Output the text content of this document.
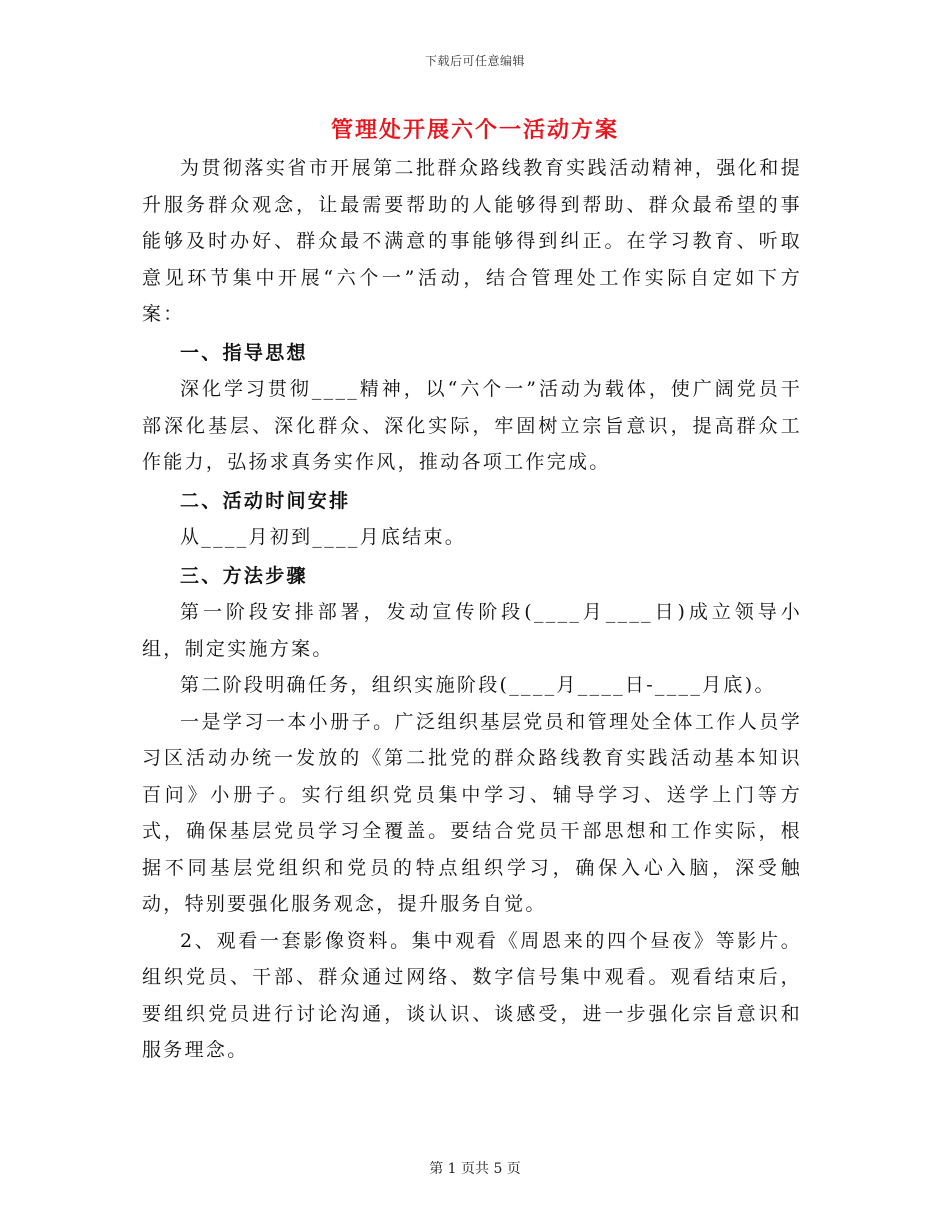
下载后可任意编辑
管理处开展六个一活动方案

为贯彻落实省市开展第二批群众路线教育实践活动精神，强化和提升服务群众观念，让最需要帮助的人能够得到帮助、群众最希望的事能够及时办好、群众最不满意的事能够得到纠正。在学习教育、听取意见环节集中开展“六个一”活动，结合管理处工作实际自定如下方案：

一、指导思想

深化学习贯彻____精神，以“六个一”活动为载体，使广阔党员干部深化基层、深化群众、深化实际，牢固树立宗旨意识，提高群众工作能力，弘扬求真务实作风，推动各项工作完成。

二、活动时间安排

从____月初到____月底结束。

三、方法步骤

第一阶段安排部署，发动宣传阶段(____月____日)成立领导小组，制定实施方案。

第二阶段明确任务，组织实施阶段(____月____日-____月底)。

一是学习一本小册子。广泛组织基层党员和管理处全体工作人员学习区活动办统一发放的《第二批党的群众路线教育实践活动基本知识百问》小册子。实行组织党员集中学习、辅导学习、送学上门等方式，确保基层党员学习全覆盖。要结合党员干部思想和工作实际，根据不同基层党组织和党员的特点组织学习，确保入心入脑，深受触动，特别要强化服务观念，提升服务自觉。

2、观看一套影像资料。集中观看《周恩来的四个昼夜》等影片。组织党员、干部、群众通过网络、数字信号集中观看。观看结束后，要组织党员进行讨论沟通，谈认识、谈感受，进一步强化宗旨意识和服务理念。

第 1 页共 5 页
